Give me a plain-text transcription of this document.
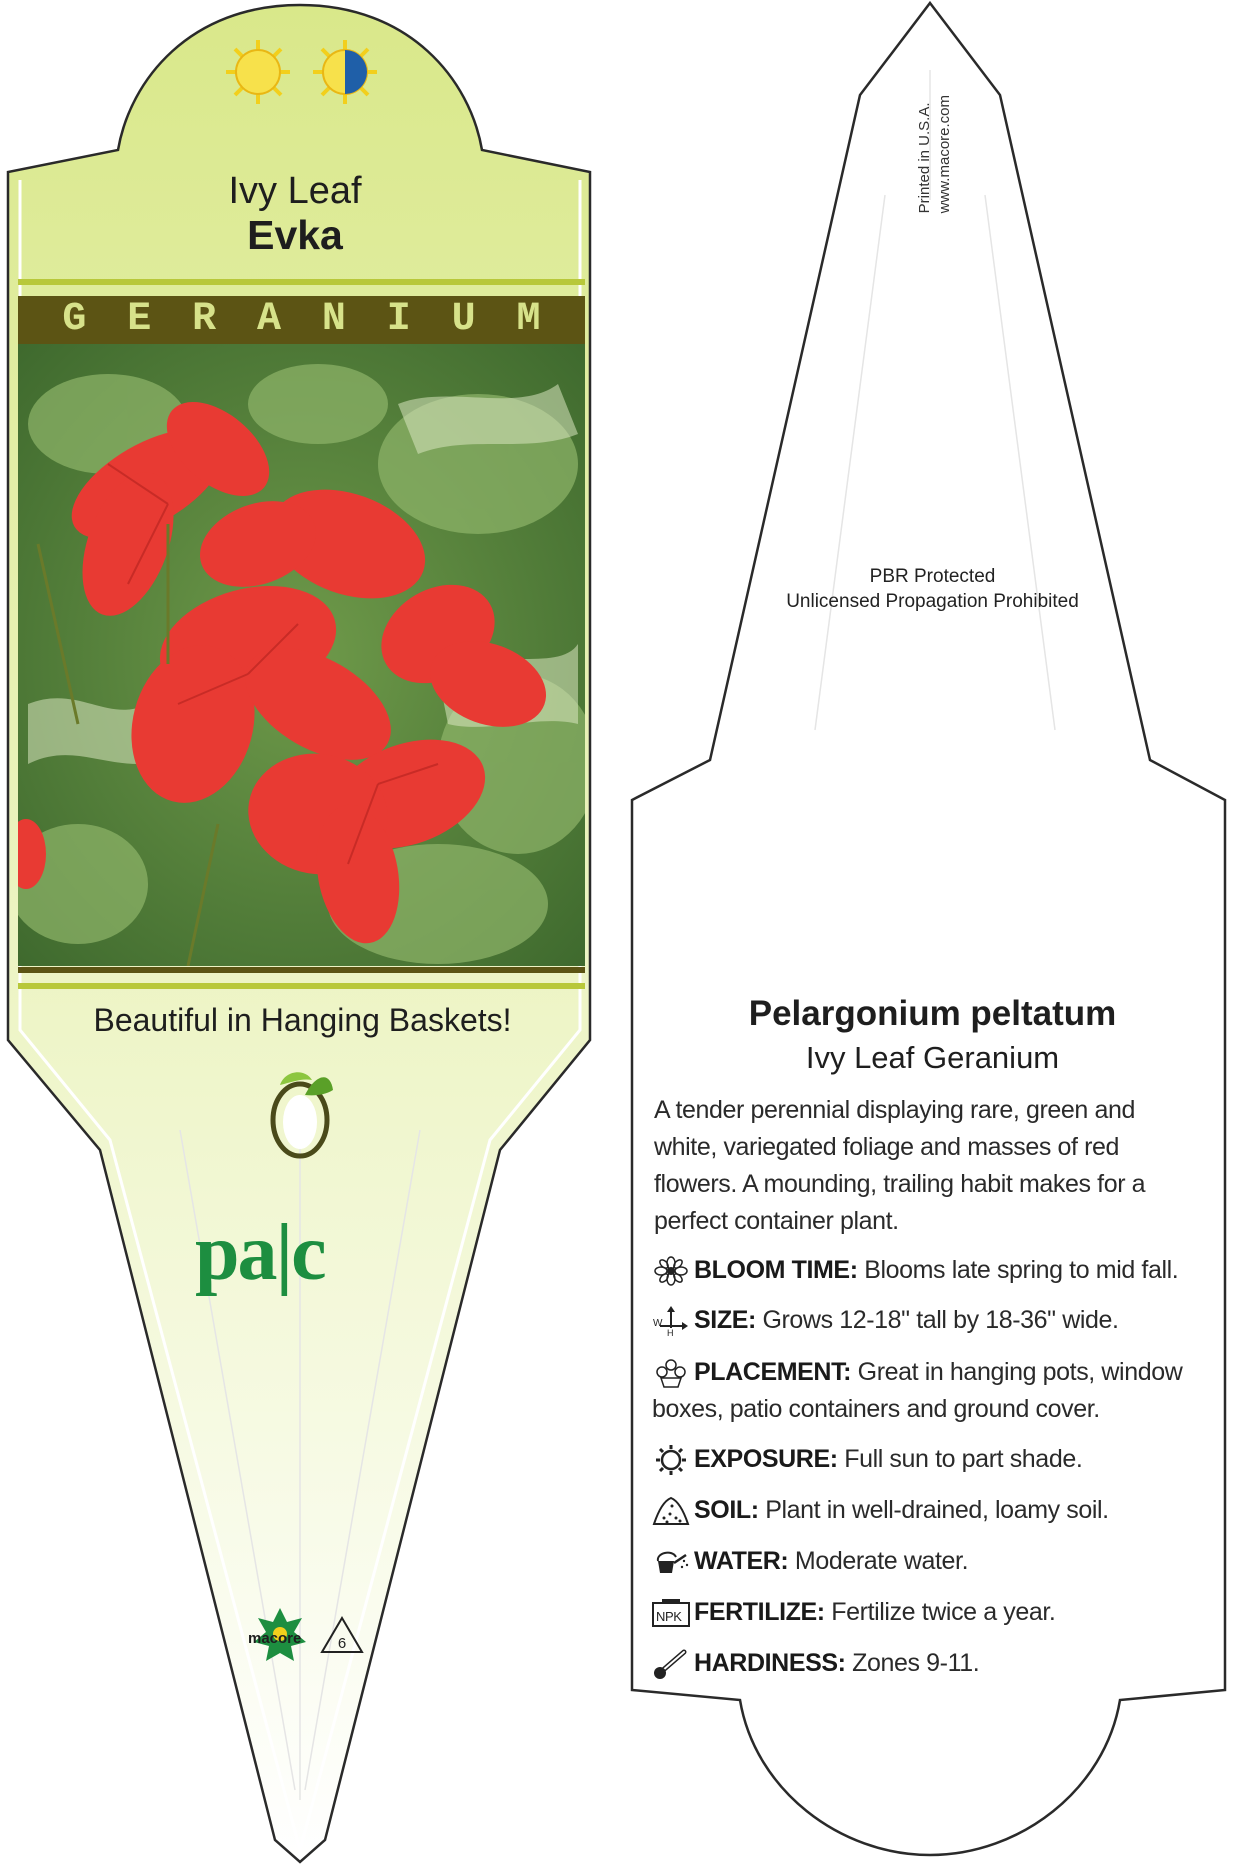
6
Ivy Leaf
Evka
G E R A N I U M
Beautiful in Hanging Baskets!
pa|c
macore
Printed in U.S.A. www.macore.com
PBR Protected
Unlicensed Propagation Prohibited
Pelargonium peltatum
Ivy Leaf Geranium
A tender perennial displaying rare, green and white, variegated foliage and masses of red flowers. A mounding, trailing habit makes for a perfect container plant.
BLOOM TIME: Blooms late spring to mid fall.
W
H SIZE: Grows 12-18" tall by 18-36" wide.
PLACEMENT: Great in hanging pots, window boxes, patio containers and ground cover.
EXPOSURE: Full sun to part shade.
SOIL: Plant in well-drained, loamy soil.
WATER: Moderate water.
NPK FERTILIZE: Fertilize twice a year.
HARDINESS: Zones 9-11.
